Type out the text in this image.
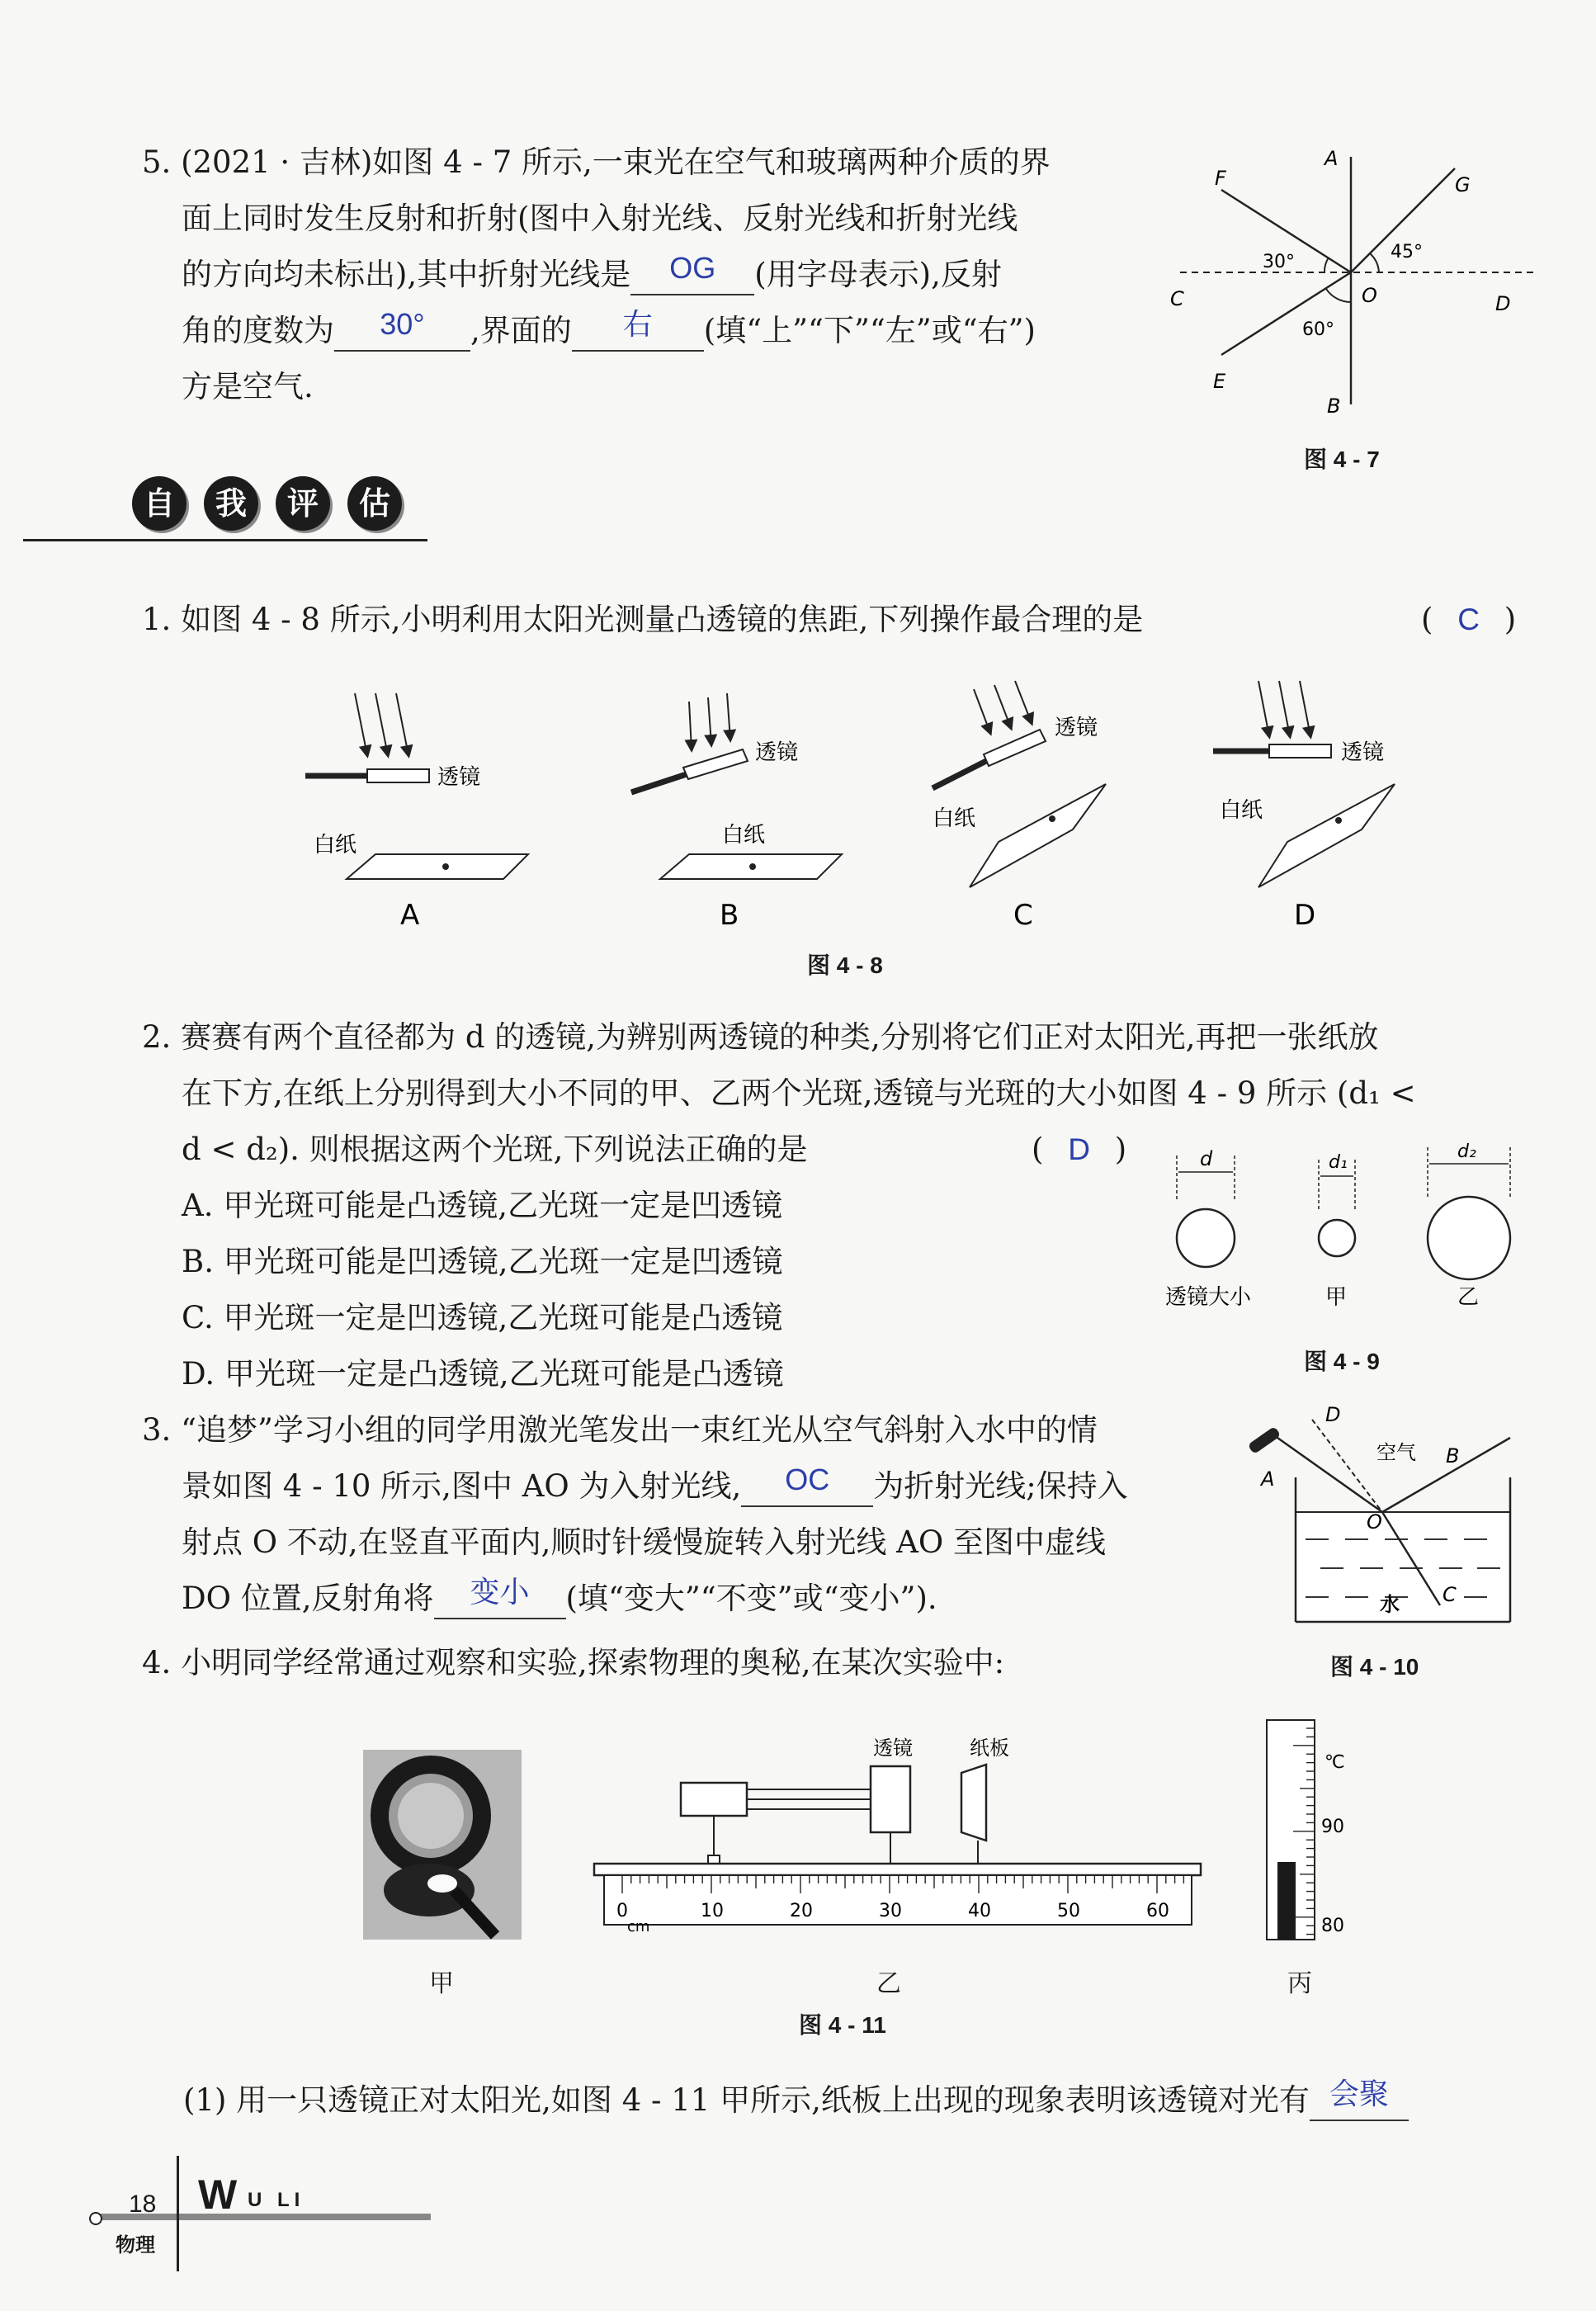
5. (2021 · 吉林)如图 4 - 7 所示,一束光在空气和玻璃两种介质的界
面上同时发生反射和折射(图中入射光线、反射光线和折射光线
的方向均未标出),其中折射光线是	OG	(用字母表示),反射
角的度数为	30°	,界面的	右	(填“上”“下”“左”或“右”)
方是空气.
A
B
C	D
E
F	G
O
30°	45°
60°
图 4 - 7
自	我	评	估
1. 如图 4 - 8 所示,小明利用太阳光测量凸透镜的焦距,下列操作最合理的是	( C )
透镜
白纸
A
透镜
白纸
B
透镜
白纸
C
透镜
白纸
D
图 4 - 8
2. 赛赛有两个直径都为 d 的透镜,为辨别两透镜的种类,分别将它们正对太阳光,再把一张纸放
在下方,在纸上分别得到大小不同的甲、乙两个光斑,透镜与光斑的大小如图 4 - 9 所示 (d₁ <
d < d₂). 则根据这两个光斑,下列说法正确的是	( D )
A. 甲光斑可能是凸透镜,乙光斑一定是凹透镜
B. 甲光斑可能是凹透镜,乙光斑一定是凹透镜
C. 甲光斑一定是凹透镜,乙光斑可能是凸透镜
D. 甲光斑一定是凸透镜,乙光斑可能是凸透镜
d
透镜大小
d₁
甲
d₂
乙
图 4 - 9
3. “追梦”学习小组的同学用激光笔发出一束红光从空气斜射入水中的情
景如图 4 - 10 所示,图中 AO 为入射光线,	OC	为折射光线;保持入
射点 O 不动,在竖直平面内,顺时针缓慢旋转入射光线 AO 至图中虚线
DO 位置,反射角将	变小	(填“变大”“不变”或“变小”).
D
A
B
O
C
空气
水
图 4 - 10
4. 小明同学经常通过观察和实验,探索物理的奥秘,在某次实验中:
甲
cm
0	10	20	30	40	50	60
透镜	纸板
乙
℃
90
80
丙
图 4 - 11
(1) 用一只透镜正对太阳光,如图 4 - 11 甲所示,纸板上出现的现象表明该透镜对光有 会聚
18
物理
W U LI
